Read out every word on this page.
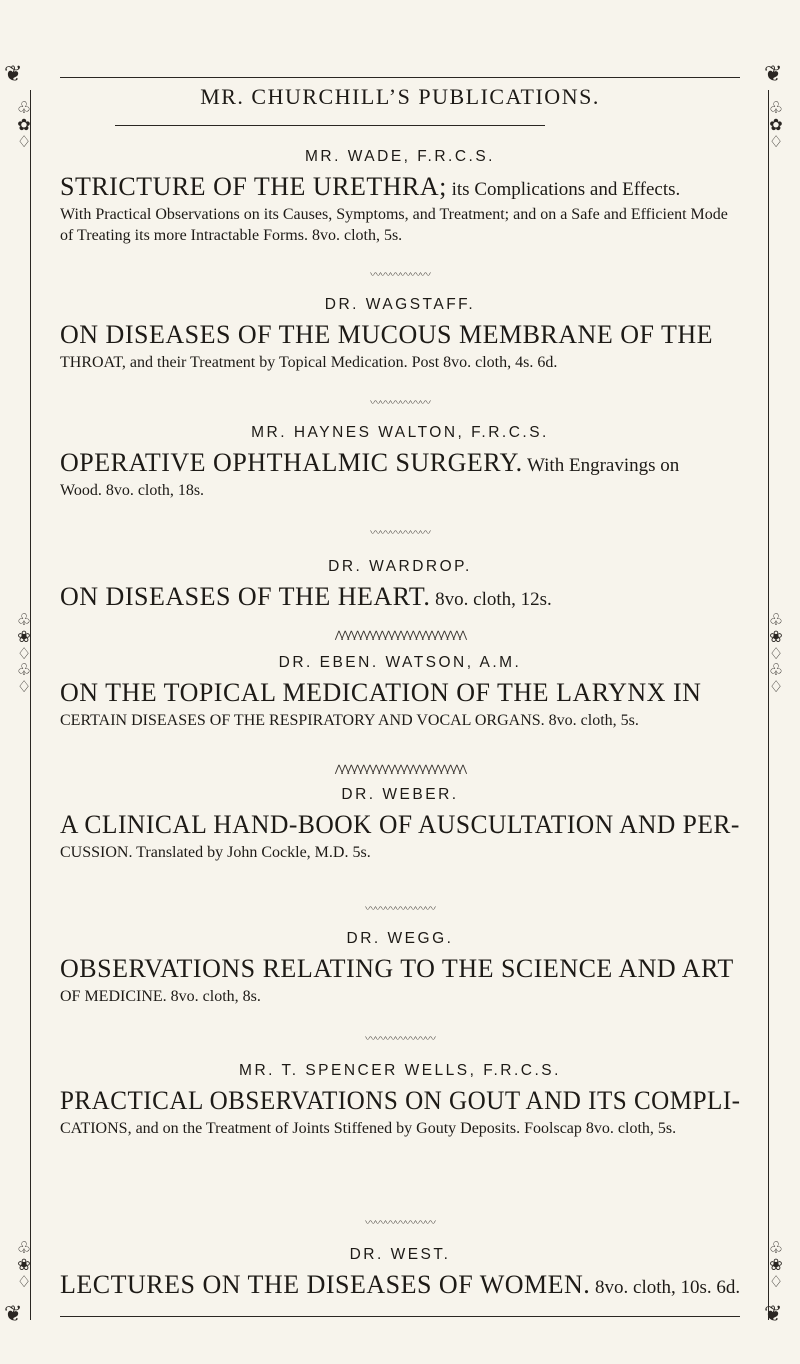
❦	❦
❦	❦
♧
✿
♢
♧
✿
♢
♧
❀
♢
♧
♢
♧
❀
♢
♧
♢
♧
❀
♢
♧
❀
♢
MR. CHURCHILL’S PUBLICATIONS.
MR. WADE, F.R.C.S.
STRICTURE OF THE URETHRA; its Complications and Effects.
With Practical Observations on its Causes, Symptoms, and Treatment; and on a Safe and Efficient Mode of Treating its more Intractable Forms. 8vo. cloth, 5s.
〰〰〰〰〰〰
DR. WAGSTAFF.
ON DISEASES OF THE MUCOUS MEMBRANE OF THE
THROAT, and their Treatment by Topical Medication. Post 8vo. cloth, 4s. 6d.
〰〰〰〰〰〰
MR. HAYNES WALTON, F.R.C.S.
OPERATIVE OPHTHALMIC SURGERY. With Engravings on
Wood. 8vo. cloth, 18s.
〰〰〰〰〰〰
DR. WARDROP.
ON DISEASES OF THE HEART. 8vo. cloth, 12s.
⋀⋀⋀⋀⋀⋀⋀⋀⋀⋀⋀⋀⋀⋀⋀⋀⋀⋀⋀⋀⋀
DR. EBEN. WATSON, A.M.
ON THE TOPICAL MEDICATION OF THE LARYNX IN
CERTAIN DISEASES OF THE RESPIRATORY AND VOCAL ORGANS. 8vo. cloth, 5s.
⋀⋀⋀⋀⋀⋀⋀⋀⋀⋀⋀⋀⋀⋀⋀⋀⋀⋀⋀⋀⋀
DR. WEBER.
A CLINICAL HAND-BOOK OF AUSCULTATION AND PER-
CUSSION. Translated by John Cockle, M.D. 5s.
〰〰〰〰〰〰〰
DR. WEGG.
OBSERVATIONS RELATING TO THE SCIENCE AND ART
OF MEDICINE. 8vo. cloth, 8s.
〰〰〰〰〰〰〰
MR. T. SPENCER WELLS, F.R.C.S.
PRACTICAL OBSERVATIONS ON GOUT AND ITS COMPLI-
CATIONS, and on the Treatment of Joints Stiffened by Gouty Deposits. Foolscap 8vo. cloth, 5s.
〰〰〰〰〰〰〰
DR. WEST.
LECTURES ON THE DISEASES OF WOMEN. 8vo. cloth, 10s. 6d.
